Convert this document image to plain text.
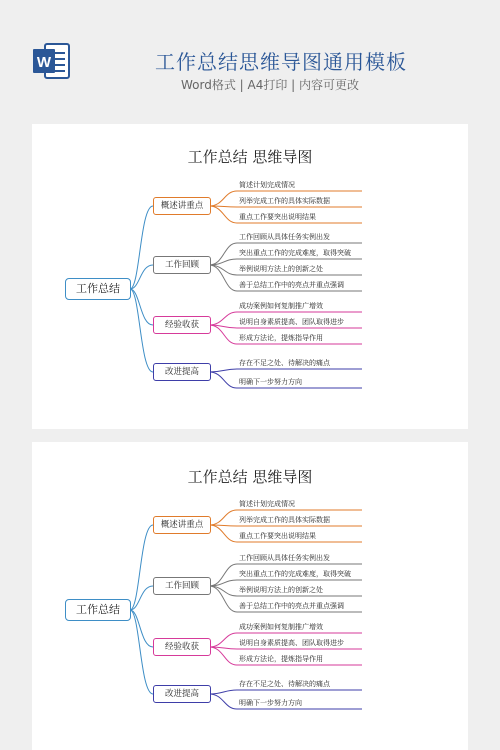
W	工作总结思维导图通用模板
Word格式 | A4打印 | 内容可更改
工作总结 思维导图
工作总结
概述讲重点
工作回顾
经验收获
改进提高
简述计划完成情况
列举完成工作的具体实际数据
重点工作要突出说明结果
工作回顾从具体任务实例出发
突出重点工作的完成难度，取得突破
举例说明方法上的创新之处
善于总结工作中的亮点并重点强调
成功案例如何复制推广增效
说明自身素质提高、团队取得进步
形成方法论，提炼指导作用
存在不足之处、待解决的痛点
明确下一步努力方向
工作总结 思维导图
工作总结
概述讲重点
工作回顾
经验收获
改进提高
简述计划完成情况
列举完成工作的具体实际数据
重点工作要突出说明结果
工作回顾从具体任务实例出发
突出重点工作的完成难度，取得突破
举例说明方法上的创新之处
善于总结工作中的亮点并重点强调
成功案例如何复制推广增效
说明自身素质提高、团队取得进步
形成方法论，提炼指导作用
存在不足之处、待解决的痛点
明确下一步努力方向
